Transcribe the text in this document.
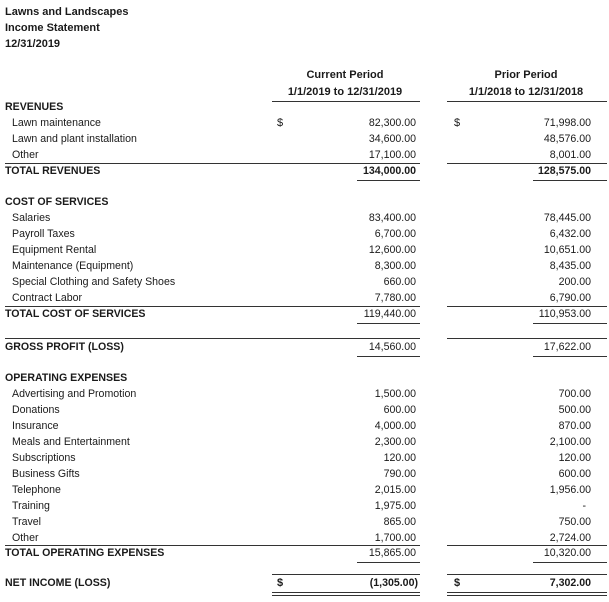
Lawns and Landscapes
Income Statement
12/31/2019
Current Period
1/1/2019 to 12/31/2019
Prior Period
1/1/2018 to 12/31/2018
REVENUES
Lawn maintenance	$	82,300.00	$	71,998.00
Lawn and plant installation	34,600.00	48,576.00
Other	17,100.00	8,001.00
TOTAL REVENUES	134,000.00	128,575.00
COST OF SERVICES
Salaries	83,400.00	78,445.00
Payroll Taxes	6,700.00	6,432.00
Equipment Rental	12,600.00	10,651.00
Maintenance (Equipment)	8,300.00	8,435.00
Special Clothing and Safety Shoes	660.00	200.00
Contract Labor	7,780.00	6,790.00
TOTAL COST OF SERVICES	119,440.00	110,953.00
GROSS PROFIT (LOSS)	14,560.00	17,622.00
OPERATING EXPENSES
Advertising and Promotion	1,500.00	700.00
Donations	600.00	500.00
Insurance	4,000.00	870.00
Meals and Entertainment	2,300.00	2,100.00
Subscriptions	120.00	120.00
Business Gifts	790.00	600.00
Telephone	2,015.00	1,956.00
Training	1,975.00	-
Travel	865.00	750.00
Other	1,700.00	2,724.00
TOTAL OPERATING EXPENSES	15,865.00	10,320.00
NET INCOME (LOSS)	$	(1,305.00)	$	7,302.00
